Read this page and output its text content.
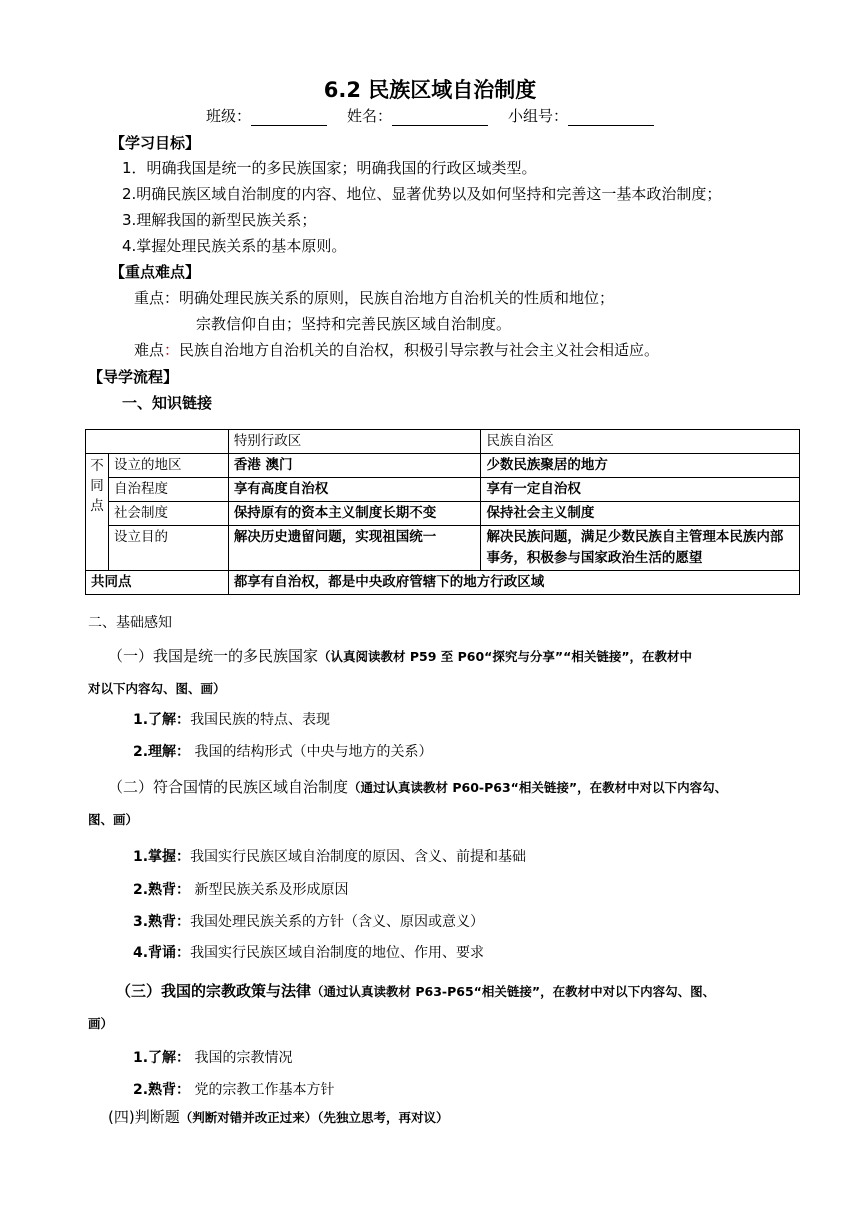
6.2 民族区域自治制度
班级：	姓名：	小组号：
【学习目标】
1．明确我国是统一的多民族国家；明确我国的行政区域类型。
2.明确民族区域自治制度的内容、地位、显著优势以及如何坚持和完善这一基本政治制度；
3.理解我国的新型民族关系；
4.掌握处理民族关系的基本原则。
【重点难点】
重点：明确处理民族关系的原则，民族自治地方自治机关的性质和地位；
宗教信仰自由；坚持和完善民族区域自治制度。
难点：民族自治地方自治机关的自治权，积极引导宗教与社会主义社会相适应。
【导学流程】
一、知识链接
		特别行政区	民族自治区
不
同
点	设立的地区	香港 澳门	少数民族聚居的地方
	自治程度	享有高度自治权	享有一定自治权
	社会制度	保持原有的资本主义制度长期不变	保持社会主义制度
	设立目的	解决历史遗留问题，实现祖国统一	解决民族问题，满足少数民族自主管理本民族内部事务，积极参与国家政治生活的愿望
共同点		都享有自治权，都是中央政府管辖下的地方行政区域	
二、基础感知
（一）我国是统一的多民族国家（认真阅读教材 P59 至 P60“探究与分享”“相关链接”，在教材中
对以下内容勾、图、画）
1.了解：我国民族的特点、表现
2.理解： 我国的结构形式（中央与地方的关系）
（二）符合国情的民族区域自治制度（通过认真读教材 P60-P63“相关链接”，在教材中对以下内容勾、
图、画）
1.掌握：我国实行民族区域自治制度的原因、含义、前提和基础
2.熟背： 新型民族关系及形成原因
3.熟背：我国处理民族关系的方针（含义、原因或意义）
4.背诵：我国实行民族区域自治制度的地位、作用、要求
（三）我国的宗教政策与法律（通过认真读教材 P63-P65“相关链接”，在教材中对以下内容勾、图、
画）
1.了解： 我国的宗教情况
2.熟背： 党的宗教工作基本方针
(四)判断题（判断对错并改正过来）（先独立思考，再对议）
